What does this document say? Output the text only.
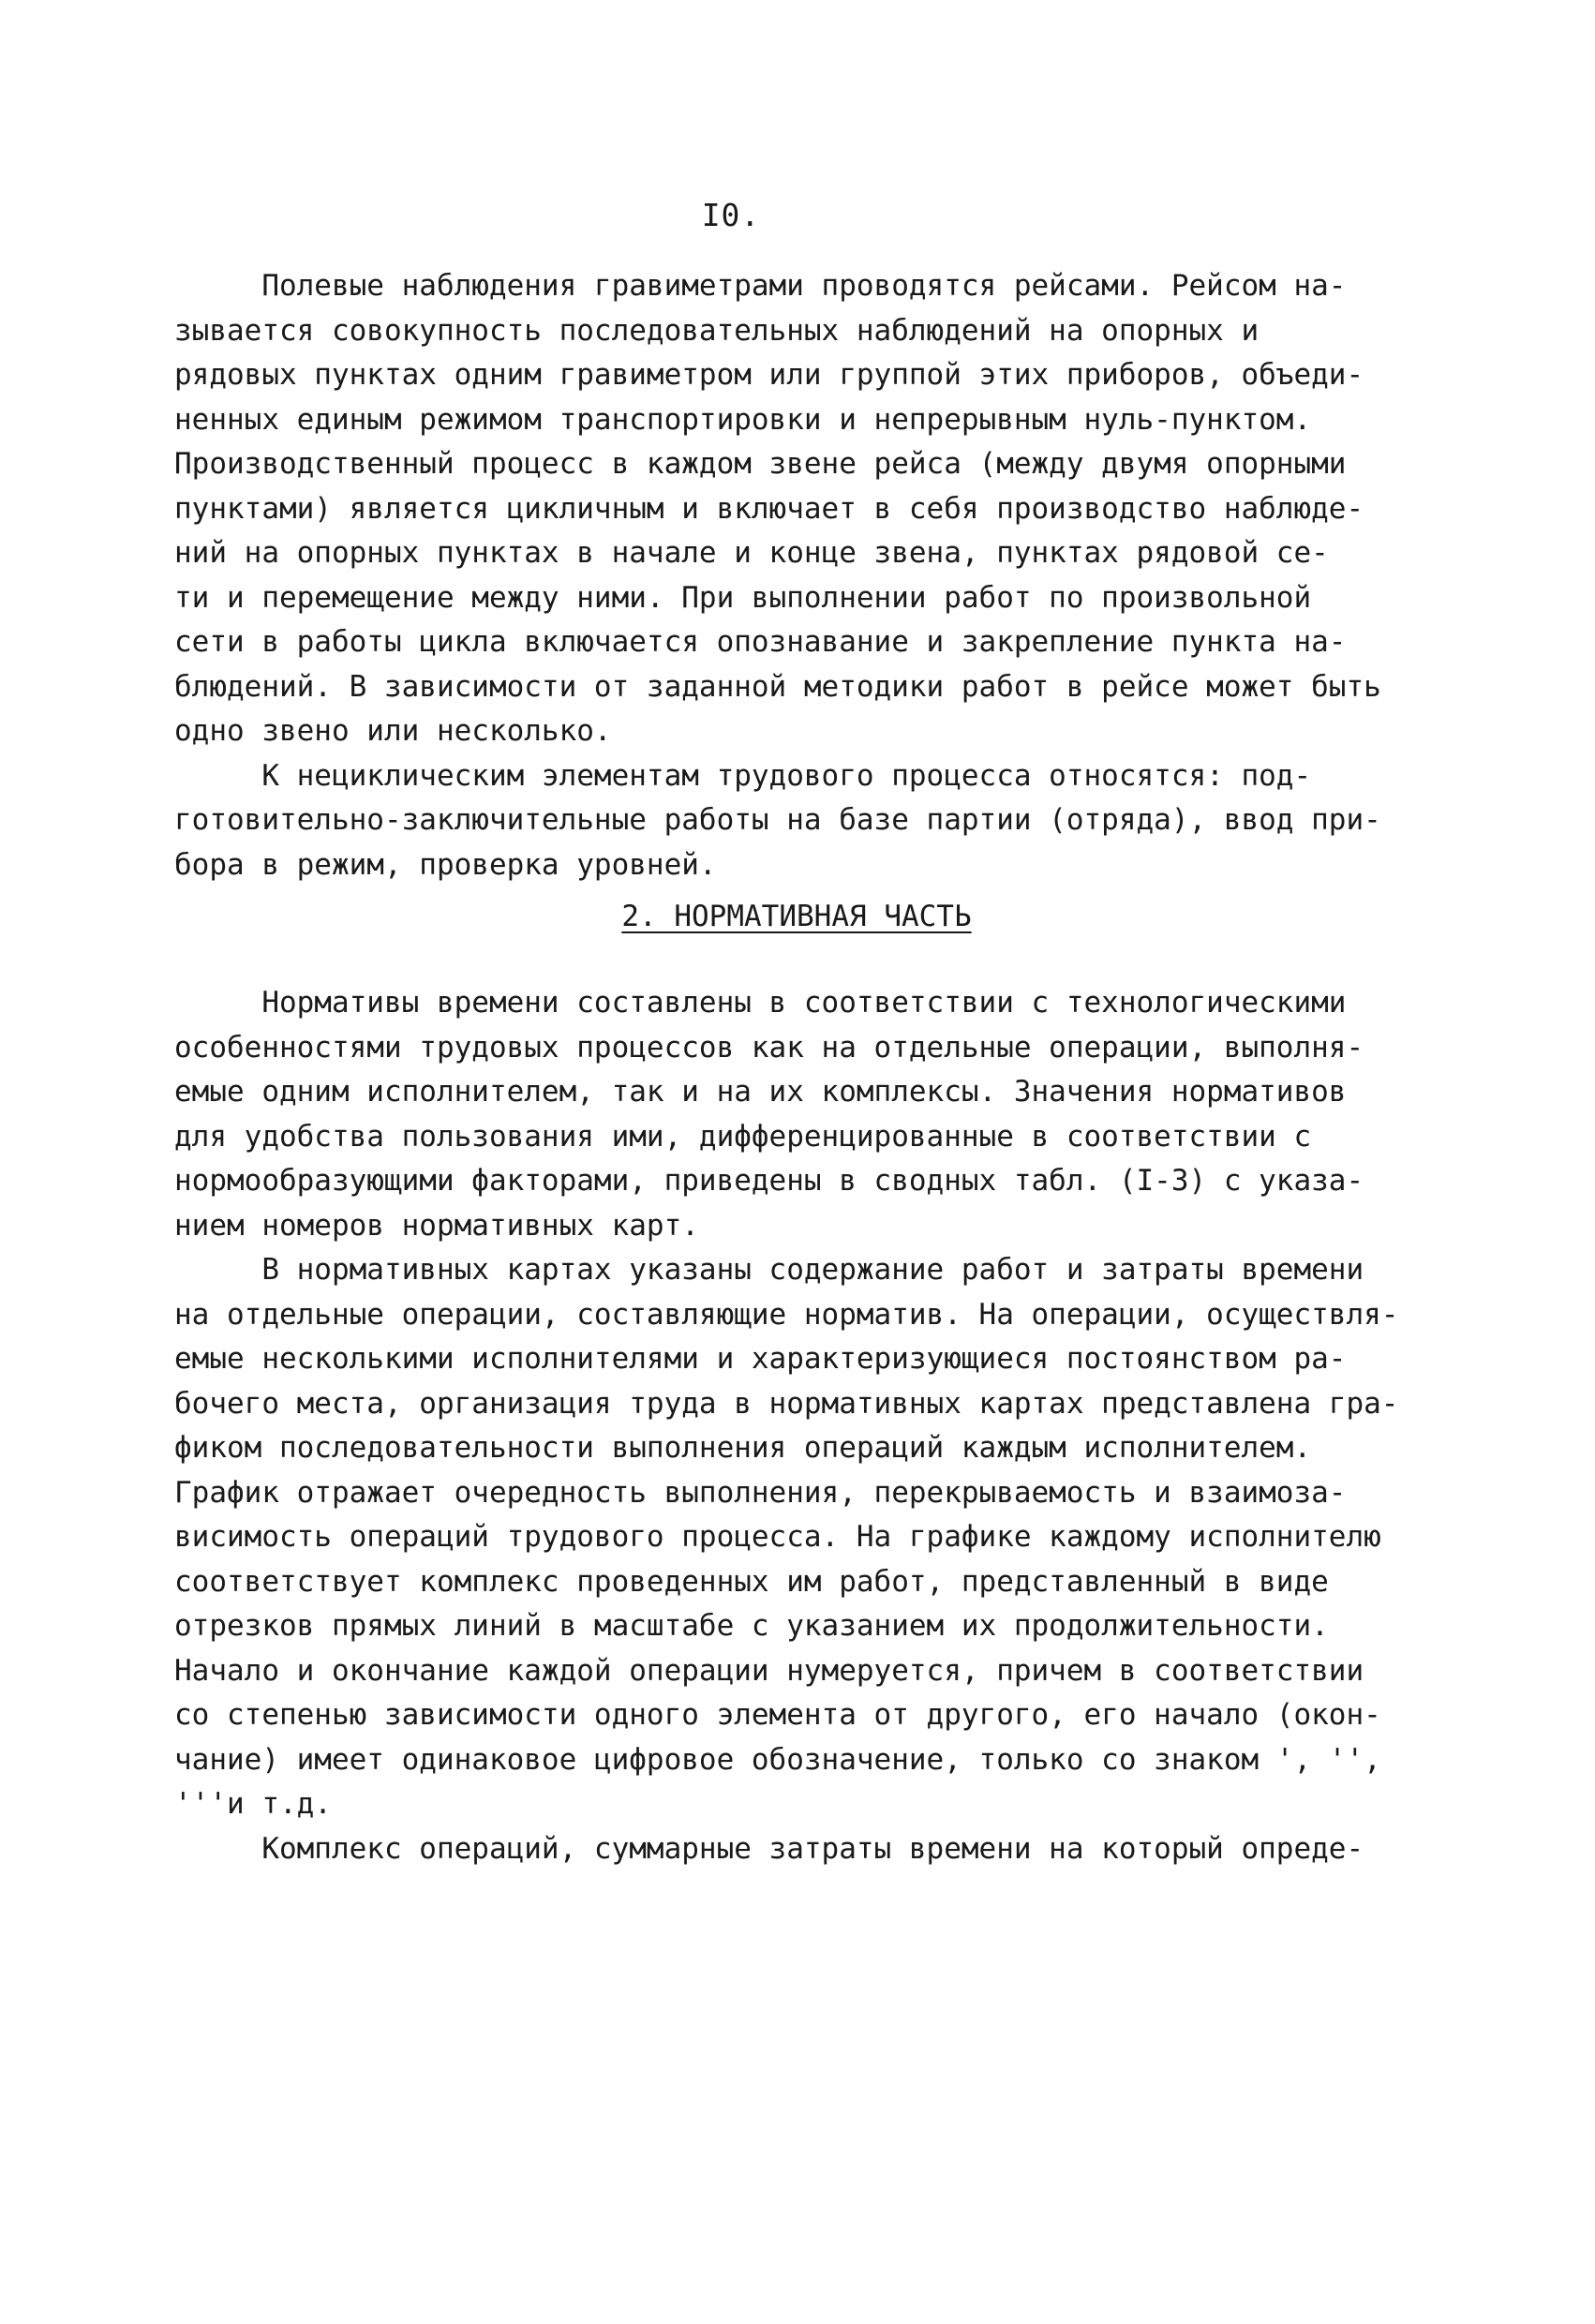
I0.
Полевые наблюдения гравиметрами проводятся рейсами. Рейсом на-
зывается совокупность последовательных наблюдений на опорных и
рядовых пунктах одним гравиметром или группой этих приборов, объеди-
ненных единым режимом транспортировки и непрерывным нуль-пунктом.
Производственный процесс в каждом звене рейса (между двумя опорными
пунктами) является цикличным и включает в себя производство наблюде-
ний на опорных пунктах в начале и конце звена, пунктах рядовой се-
ти и перемещение между ними. При выполнении работ по произвольной
сети в работы цикла включается опознавание и закрепление пункта на-
блюдений. В зависимости от заданной методики работ в рейсе может быть
одно звено или несколько.
К нециклическим элементам трудового процесса относятся: под-
готовительно-заключительные работы на базе партии (отряда), ввод при-
бора в режим, проверка уровней.
2. НОРМАТИВНАЯ ЧАСТЬ
Нормативы времени составлены в соответствии с технологическими
особенностями трудовых процессов как на отдельные операции, выполня-
емые одним исполнителем, так и на их комплексы. Значения нормативов
для удобства пользования ими, дифференцированные в соответствии с
нормообразующими факторами, приведены в сводных табл. (I-3) с указа-
нием номеров нормативных карт.
В нормативных картах указаны содержание работ и затраты времени
на отдельные операции, составляющие норматив. На операции, осуществля-
емые несколькими исполнителями и характеризующиеся постоянством ра-
бочего места, организация труда в нормативных картах представлена гра-
фиком последовательности выполнения операций каждым исполнителем.
График отражает очередность выполнения, перекрываемость и взаимоза-
висимость операций трудового процесса. На графике каждому исполнителю
соответствует комплекс проведенных им работ, представленный в виде
отрезков прямых линий в масштабе с указанием их продолжительности.
Начало и окончание каждой операции нумеруется, причем в соответствии
со степенью зависимости одного элемента от другого, его начало (окон-
чание) имеет одинаковое цифровое обозначение, только со знаком ', '',
'''и т.д.
Комплекс операций, суммарные затраты времени на который опреде-
